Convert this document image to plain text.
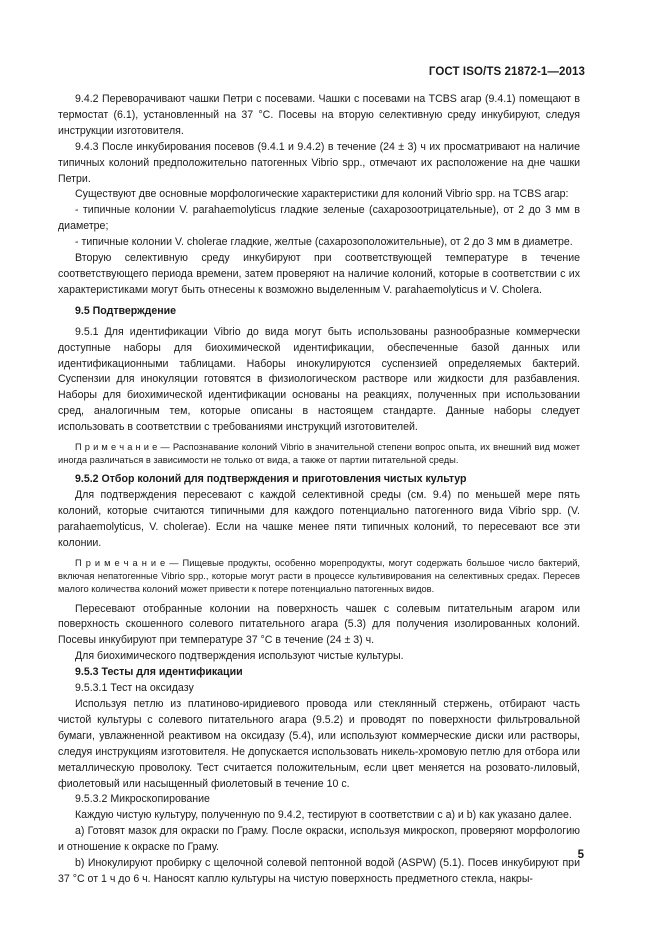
ГОСТ ISO/TS 21872-1—2013

9.4.2 Переворачивают чашки Петри с посевами. Чашки с посевами на TCBS агар (9.4.1) помещают в термостат (6.1), установленный на 37 °С. Посевы на вторую селективную среду инкубируют, следуя инструкции изготовителя.

9.4.3 После инкубирования посевов (9.4.1 и 9.4.2) в течение (24 ± 3) ч их просматривают на наличие типичных колоний предположительно патогенных Vibrio spp., отмечают их расположение на дне чашки Петри.

Существуют две основные морфологические характеристики для колоний Vibrio spp. на TCBS агар:

- типичные колонии V. parahaemolyticus гладкие зеленые (сахарозоотрицательные), от 2 до 3 мм в диаметре;

- типичные колонии V. cholerae гладкие, желтые (сахарозоположительные), от 2 до 3 мм в диаметре.

Вторую селективную среду инкубируют при соответствующей температуре в течение соответствующего периода времени, затем проверяют на наличие колоний, которые в соответствии с их характеристиками могут быть отнесены к возможно выделенным V. parahaemolyticus и V. Cholera.

9.5 Подтверждение

9.5.1 Для идентификации Vibrio до вида могут быть использованы разнообразные коммерчески доступные наборы для биохимической идентификации, обеспеченные базой данных или идентификационными таблицами. Наборы инокулируются суспензией определяемых бактерий. Суспензии для инокуляции готовятся в физиологическом растворе или жидкости для разбавления. Наборы для биохимической идентификации основаны на реакциях, полученных при использовании сред, аналогичным тем, которые описаны в настоящем стандарте. Данные наборы следует использовать в соответствии с требованиями инструкций изготовителей.

П р и м е ч а н и е — Распознавание колоний Vibrio в значительной степени вопрос опыта, их внешний вид может иногда различаться в зависимости не только от вида, а также от партии питательной среды.

9.5.2 Отбор колоний для подтверждения и приготовления чистых культур

Для подтверждения пересевают с каждой селективной среды (см. 9.4) по меньшей мере пять колоний, которые считаются типичными для каждого потенциально патогенного вида Vibrio spp. (V. parahaemolyticus, V. cholerae). Если на чашке менее пяти типичных колоний, то пересевают все эти колонии.

П р и м е ч а н и е — Пищевые продукты, особенно морепродукты, могут содержать большое число бактерий, включая непатогенные Vibrio spp., которые могут расти в процессе культивирования на селективных средах. Пересев малого количества колоний может привести к потере потенциально патогенных видов.

Пересевают отобранные колонии на поверхность чашек с солевым питательным агаром или поверхность скошенного солевого питательного агара (5.3) для получения изолированных колоний. Посевы инкубируют при температуре 37 °С в течение (24 ± 3) ч.

Для биохимического подтверждения используют чистые культуры.

9.5.3 Тесты для идентификации

9.5.3.1 Тест на оксидазу

Используя петлю из платиново-иридиевого провода или стеклянный стержень, отбирают часть чистой культуры с солевого питательного агара (9.5.2) и проводят по поверхности фильтровальной бумаги, увлажненной реактивом на оксидазу (5.4), или используют коммерческие диски или растворы, следуя инструкциям изготовителя. Не допускается использовать никель-хромовую петлю для отбора или металлическую проволоку. Тест считается положительным, если цвет меняется на розовато-лиловый, фиолетовый или насыщенный фиолетовый в течение 10 с.

9.5.3.2 Микроскопирование

Каждую чистую культуру, полученную по 9.4.2, тестируют в соответствии с a) и b) как указано далее.

a) Готовят мазок для окраски по Граму. После окраски, используя микроскоп, проверяют морфологию и отношение к окраске по Граму.

b) Инокулируют пробирку с щелочной солевой пептонной водой (ASPW) (5.1). Посев инкубируют при 37 °С от 1 ч до 6 ч. Наносят каплю культуры на чистую поверхность предметного стекла, накры-

5
